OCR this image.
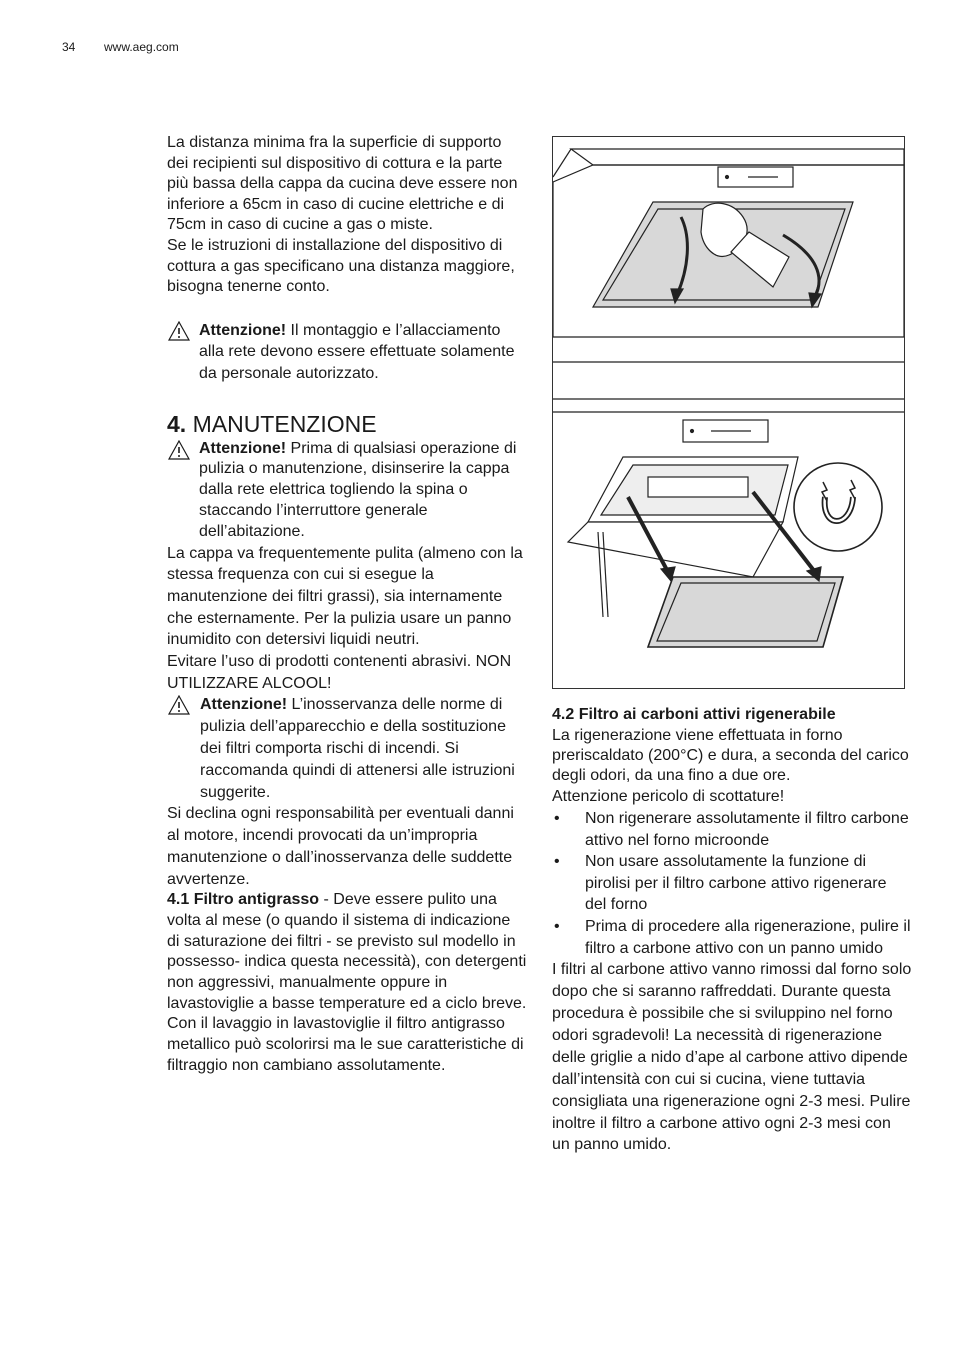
34 www.aeg.com

La distanza minima fra la superficie di supporto dei recipienti sul dispositivo di cottura e la parte più bassa della cappa da cucina deve essere non inferiore a 65cm in caso di cucine elettriche e di 75cm in caso di cucine a gas o miste.

Se le istruzioni di installazione del dispositivo di cottura a gas specificano una distanza maggiore, bisogna tenerne conto.

Attenzione! Il montaggio e l’allacciamento alla rete devono essere effettuate solamente da personale autorizzato.

4. MANUTENZIONE

Attenzione! Prima di qualsiasi operazione di pulizia o manutenzione, disinserire la cappa dalla rete elettrica togliendo la spina o staccando l’interruttore generale dell’abitazione.

La cappa va frequentemente pulita (almeno con la stessa frequenza con cui si esegue la manutenzione dei filtri grassi), sia internamente che esternamente. Per la pulizia usare un panno inumidito con detersivi liquidi neutri.

Evitare l’uso di prodotti contenenti abrasivi. NON UTILIZZARE ALCOOL!

Attenzione! L’inosservanza delle norme di pulizia dell’apparecchio e della sostituzione dei filtri comporta rischi di incendi. Si raccomanda quindi di attenersi alle istruzioni suggerite.

Si declina ogni responsabilità per eventuali danni al motore, incendi provocati da un’impropria manutenzione o dall’inosservanza delle suddette avvertenze.

4.1 Filtro antigrasso - Deve essere pulito una volta al mese (o quando il sistema di indicazione di saturazione dei filtri - se previsto sul modello in possesso- indica questa necessità), con detergenti non aggressivi, manualmente oppure in lavastoviglie a basse temperature ed a ciclo breve.

Con il lavaggio in lavastoviglie il filtro antigrasso metallico può scolorirsi ma le sue caratteristiche di filtraggio non cambiano assolutamente.

4.2 Filtro ai carboni attivi rigenerabile

La rigenerazione viene effettuata in forno preriscaldato (200°C) e dura, a seconda del carico degli odori, da una fino a due ore.

Attenzione pericolo di scottature!

• Non rigenerare assolutamente il filtro carbone attivo nel forno microonde
• Non usare assolutamente la funzione di pirolisi per il filtro carbone attivo rigenerare del forno
• Prima di procedere alla rigenerazione, pulire il filtro a carbone attivo con un panno umido

I filtri al carbone attivo vanno rimossi dal forno solo dopo che si saranno raffreddati. Durante questa procedura è possibile che si sviluppino nel forno odori sgradevoli! La necessità di rigenerazione delle griglie a nido d’ape al carbone attivo dipende dall’intensità con cui si cucina, viene tuttavia consigliata una rigenerazione ogni 2-3 mesi. Pulire inoltre il filtro a carbone attivo ogni 2-3 mesi con un panno umido.
